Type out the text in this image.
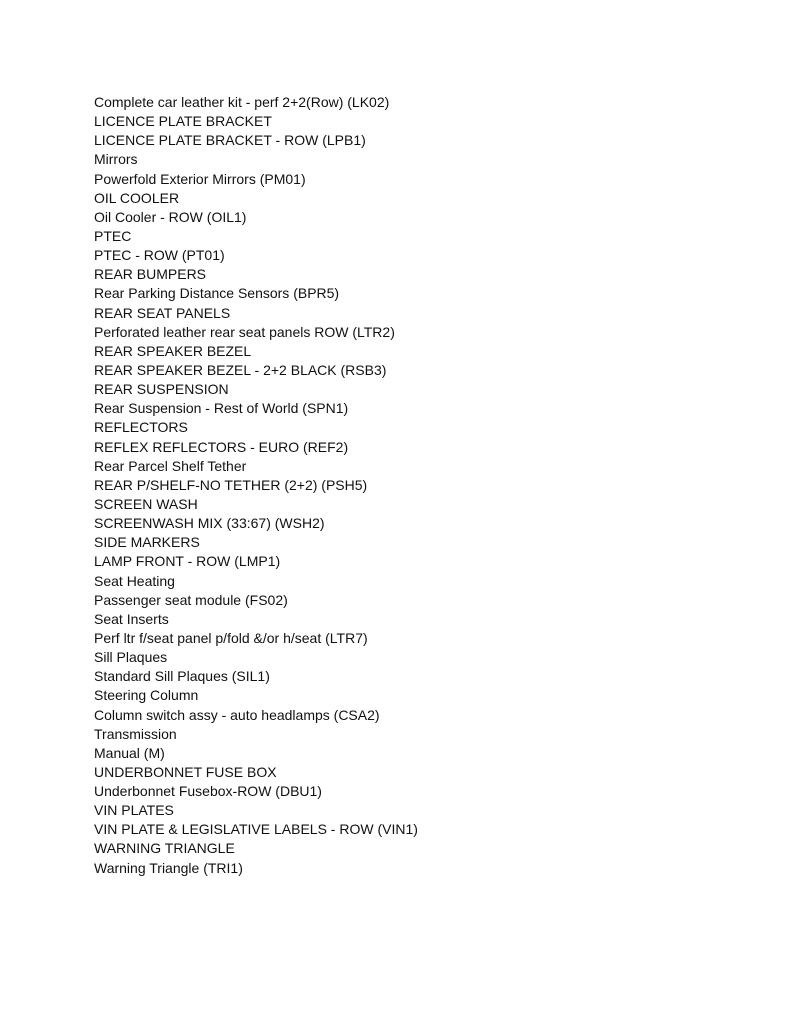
Complete car leather kit - perf 2+2(Row) (LK02)
LICENCE PLATE BRACKET
LICENCE PLATE BRACKET - ROW (LPB1)
Mirrors
Powerfold Exterior Mirrors (PM01)
OIL COOLER
Oil Cooler - ROW (OIL1)
PTEC
PTEC - ROW (PT01)
REAR BUMPERS
Rear Parking Distance Sensors (BPR5)
REAR SEAT PANELS
Perforated leather rear seat panels ROW (LTR2)
REAR SPEAKER BEZEL
REAR SPEAKER BEZEL - 2+2 BLACK (RSB3)
REAR SUSPENSION
Rear Suspension - Rest of World (SPN1)
REFLECTORS
REFLEX REFLECTORS - EURO (REF2)
Rear Parcel Shelf Tether
REAR P/SHELF-NO TETHER (2+2) (PSH5)
SCREEN WASH
SCREENWASH MIX (33:67) (WSH2)
SIDE MARKERS
LAMP FRONT - ROW (LMP1)
Seat Heating
Passenger seat module (FS02)
Seat Inserts
Perf ltr f/seat panel p/fold &/or h/seat (LTR7)
Sill Plaques
Standard Sill Plaques (SIL1)
Steering Column
Column switch assy - auto headlamps (CSA2)
Transmission
Manual (M)
UNDERBONNET FUSE BOX
Underbonnet Fusebox-ROW (DBU1)
VIN PLATES
VIN PLATE & LEGISLATIVE LABELS - ROW (VIN1)
WARNING TRIANGLE
Warning Triangle (TRI1)
